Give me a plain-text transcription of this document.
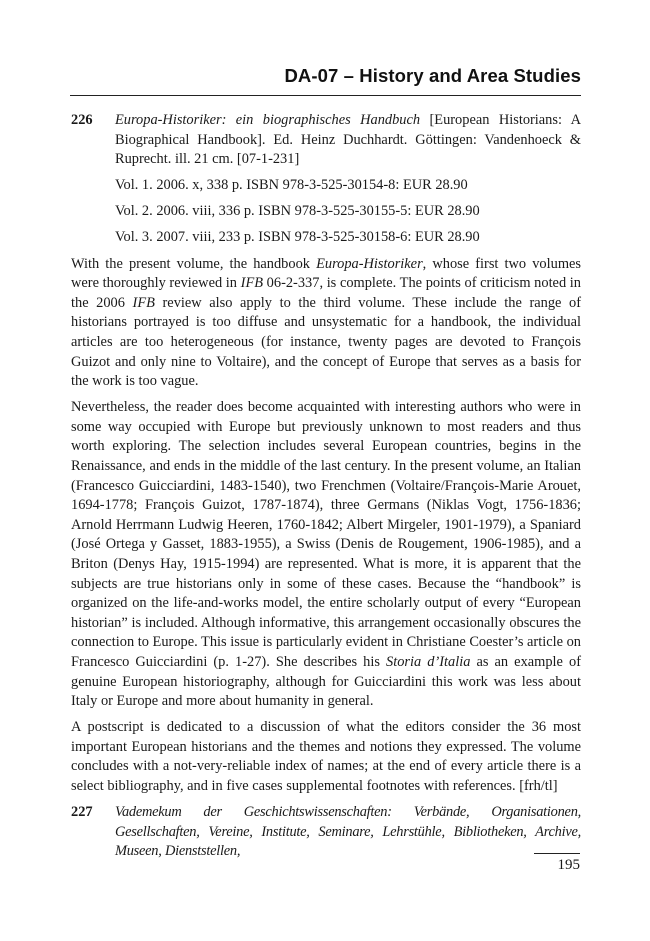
DA-07 – History and Area Studies
226	Europa-Historiker: ein biographisches Handbuch [European Historians: A Biographical Handbook]. Ed. Heinz Duchhardt. Göttingen: Vandenhoeck & Ruprecht. ill. 21 cm. [07-1-231]
Vol. 1. 2006. x, 338 p. ISBN 978-3-525-30154-8: EUR 28.90
Vol. 2. 2006. viii, 336 p. ISBN 978-3-525-30155-5: EUR 28.90
Vol. 3. 2007. viii, 233 p. ISBN 978-3-525-30158-6: EUR 28.90

With the present volume, the handbook Europa-Historiker, whose first two volumes were thoroughly reviewed in IFB 06-2-337, is complete. The points of criticism noted in the 2006 IFB review also apply to the third volume. These include the range of historians portrayed is too diffuse and unsystematic for a handbook, the individual articles are too heterogeneous (for instance, twenty pages are devoted to François Guizot and only nine to Voltaire), and the concept of Europe that serves as a basis for the work is too vague.

Nevertheless, the reader does become acquainted with interesting authors who were in some way occupied with Europe but previously unknown to most readers and thus worth exploring. The selection includes several European countries, begins in the Renaissance, and ends in the middle of the last century. In the present volume, an Italian (Francesco Guicciardini, 1483-1540), two Frenchmen (Voltaire/François-Marie Arouet, 1694-1778; François Guizot, 1787-1874), three Germans (Niklas Vogt, 1756-1836; Arnold Herrmann Ludwig Heeren, 1760-1842; Albert Mirgeler, 1901-1979), a Spaniard (José Ortega y Gasset, 1883-1955), a Swiss (Denis de Rougement, 1906-1985), and a Briton (Denys Hay, 1915-1994) are represented. What is more, it is apparent that the subjects are true historians only in some of these cases. Because the “handbook” is organized on the life-and-works model, the entire scholarly output of every “European historian” is included. Although informative, this arrangement occasionally obscures the connection to Europe. This issue is particularly evident in Christiane Coester’s article on Francesco Guicciardini (p. 1-27). She describes his Storia d’Italia as an example of genuine European historiography, although for Guicciardini this work was less about Italy or Europe and more about humanity in general.

A postscript is dedicated to a discussion of what the editors consider the 36 most important European historians and the themes and notions they expressed. The volume concludes with a not-very-reliable index of names; at the end of every article there is a select bibliography, and in five cases supplemental footnotes with references. [frh/tl]

227	Vademekum der Geschichtswissenschaften: Verbände, Organisationen, Gesellschaften, Vereine, Institute, Seminare, Lehrstühle, Bibliotheken, Archive, Museen, Dienststellen,
195
